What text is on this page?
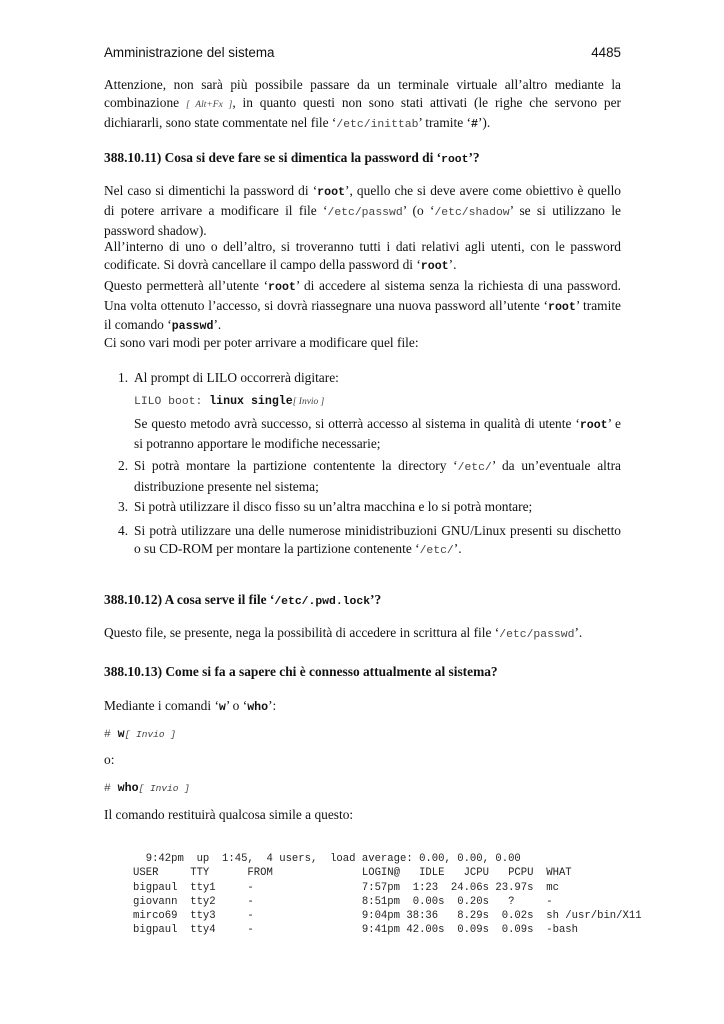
Amministrazione del sistema	4485

Attenzione, non sarà più possibile passare da un terminale virtuale all’altro mediante la combinazione [ Alt+Fx ], in quanto questi non sono stati attivati (le righe che servono per dichiararli, sono state commentate nel file ‘/etc/inittab’ tramite ‘#’).

388.10.11) Cosa si deve fare se si dimentica la password di ‘root’?

Nel caso si dimentichi la password di ‘root’, quello che si deve avere come obiettivo è quello di potere arrivare a modificare il file ‘/etc/passwd’ (o ‘/etc/shadow’ se si utilizzano le password shadow).

All’interno di uno o dell’altro, si troveranno tutti i dati relativi agli utenti, con le password codificate. Si dovrà cancellare il campo della password di ‘root’.

Questo permetterà all’utente ‘root’ di accedere al sistema senza la richiesta di una password. Una volta ottenuto l’accesso, si dovrà riassegnare una nuova password all’utente ‘root’ tramite il comando ‘passwd’.

Ci sono vari modi per poter arrivare a modificare quel file:

1. Al prompt di LILO occorrerà digitare:
LILO boot: linux single[ Invio ]
Se questo metodo avrà successo, si otterrà accesso al sistema in qualità di utente ‘root’ e si potranno apportare le modifiche necessarie;
2. Si potrà montare la partizione contentente la directory ‘/etc/’ da un’eventuale altra distribuzione presente nel sistema;
3. Si potrà utilizzare il disco fisso su un’altra macchina e lo si potrà montare;
4. Si potrà utilizzare una delle numerose minidistribuzioni GNU/Linux presenti su dischetto o su CD-ROM per montare la partizione contenente ‘/etc/’.

388.10.12) A cosa serve il file ‘/etc/.pwd.lock’?

Questo file, se presente, nega la possibilità di accedere in scrittura al file ‘/etc/passwd’.

388.10.13) Come si fa a sapere chi è connesso attualmente al sistema?

Mediante i comandi ‘w’ o ‘who’:

# w[ Invio ]

o:

# who[ Invio ]

Il comando restituirà qualcosa simile a questo:

9:42pm  up  1:45,  4 users,  load average: 0.00, 0.00, 0.00
USER     TTY      FROM              LOGIN@   IDLE   JCPU   PCPU  WHAT
bigpaul  tty1     -                 7:57pm  1:23  24.06s 23.97s  mc
giovann  tty2     -                 8:51pm  0.00s  0.20s   ?     -
mirco69  tty3     -                 9:04pm 38:36   8.29s  0.02s  sh /usr/bin/X11
bigpaul  tty4     -                 9:41pm 42.00s  0.09s  0.09s  -bash
